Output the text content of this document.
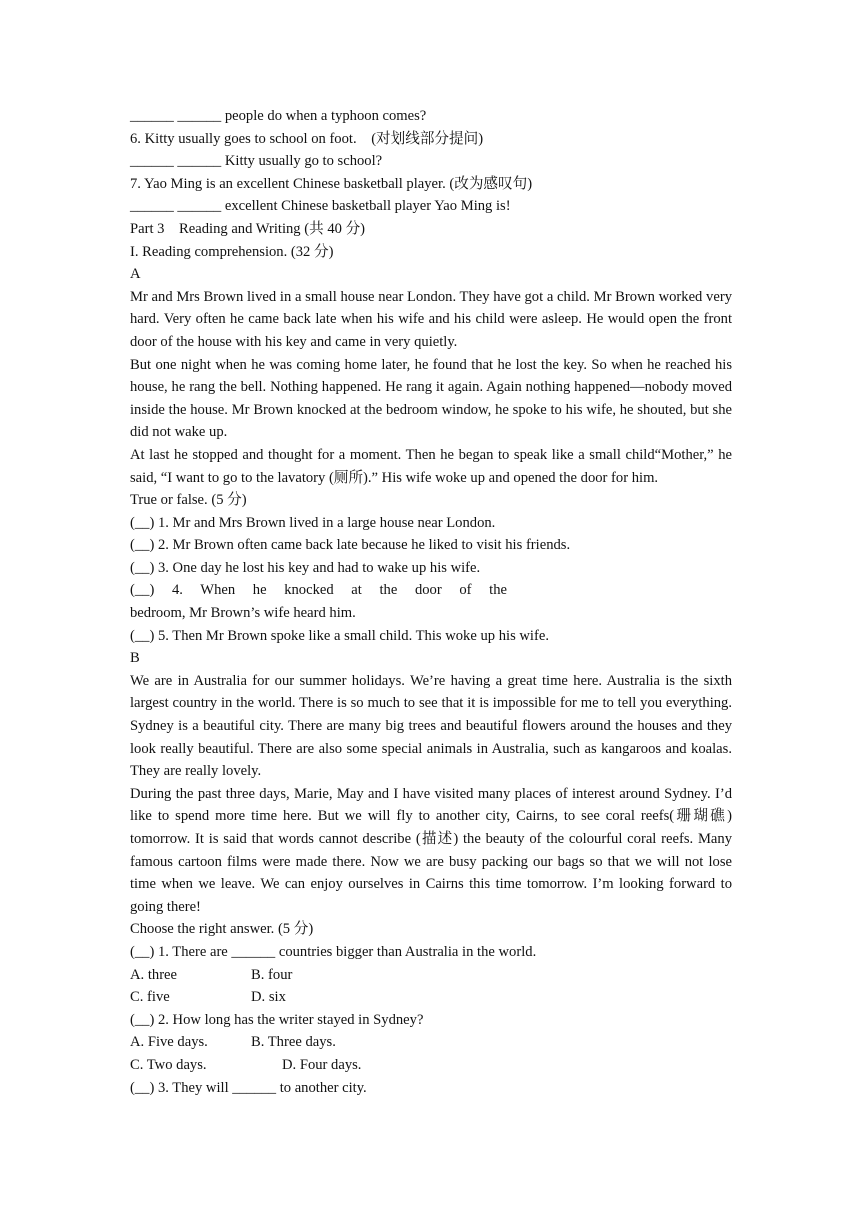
______ ______ people do when a typhoon comes?
6. Kitty usually goes to school on foot.    (对划线部分提问)
______ ______ Kitty usually go to school?
7. Yao Ming is an excellent Chinese basketball player. (改为感叹句)
______ ______ excellent Chinese basketball player Yao Ming is!
Part 3    Reading and Writing (共 40 分)
I. Reading comprehension. (32 分)
A

Mr and Mrs Brown lived in a small house near London. They have got a child. Mr Brown worked very hard. Very often he came back late when his wife and his child were asleep. He would open the front door of the house with his key and came in very quietly.

But one night when he was coming home later, he found that he lost the key. So when he reached his house, he rang the bell. Nothing happened. He rang it again. Again nothing happened—nobody moved inside the house. Mr Brown knocked at the bedroom window, he spoke to his wife, he shouted, but she did not wake up.

At last he stopped and thought for a moment. Then he began to speak like a small child“Mother,” he said, “I want to go to the lavatory (厕所).” His wife woke up and opened the door for him.

True or false. (5 分)
(__) 1. Mr and Mrs Brown lived in a large house near London.
(__) 2. Mr Brown often came back late because he liked to visit his friends.
(__) 3. One day he lost his key and had to wake up his wife.
(__) 4. When he knocked at the door of the
bedroom, Mr Brown’s wife heard him.
(__) 5. Then Mr Brown spoke like a small child. This woke up his wife.
B

We are in Australia for our summer holidays. We’re having a great time here. Australia is the sixth largest country in the world. There is so much to see that it is impossible for me to tell you everything. Sydney is a beautiful city. There are many big trees and beautiful flowers around the houses and they look really beautiful. There are also some special animals in Australia, such as kangaroos and koalas. They are really lovely.

During the past three days, Marie, May and I have visited many places of interest around Sydney. I’d like to spend more time here. But we will fly to another city, Cairns, to see coral reefs(珊瑚礁) tomorrow. It is said that words cannot describe (描述) the beauty of the colourful coral reefs. Many famous cartoon films were made there. Now we are busy packing our bags so that we will not lose time when we leave. We can enjoy ourselves in Cairns this time tomorrow. I’m looking forward to going there!

Choose the right answer. (5 分)
(__) 1. There are ______ countries bigger than Australia in the world.
A. three	B. four
C. five	D. six
(__) 2. How long has the writer stayed in Sydney?
A. Five days.	B. Three days.
C. Two days.	D. Four days.
(__) 3. They will ______ to another city.
